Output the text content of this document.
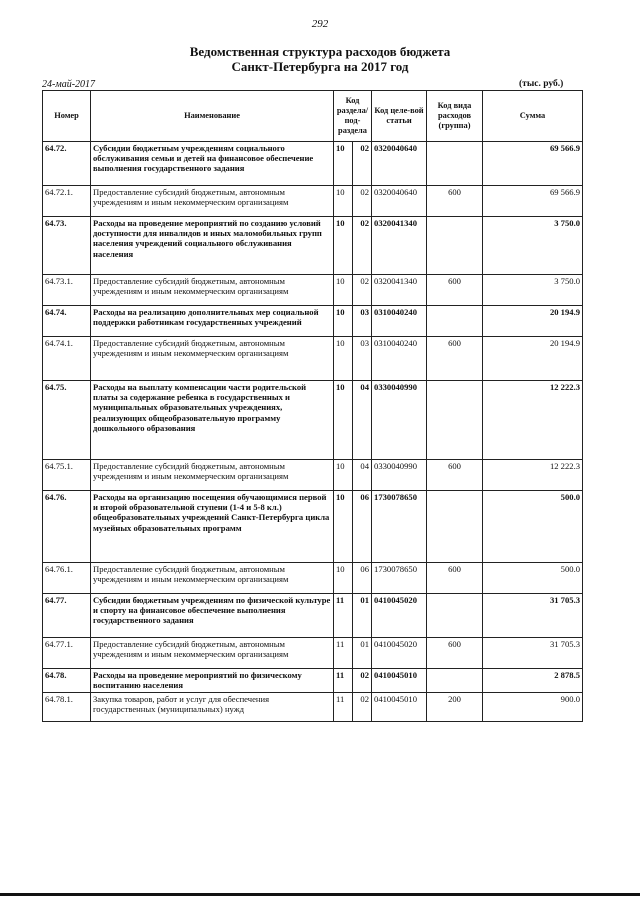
292
Ведомственная структура расходов бюджета
Санкт-Петербурга на 2017 год
24-май-2017	(тыс. руб.)
Номер	Наименование	Код раздела/ под-раздела		Код целе-вой статьи	Код вида расходов (группа)	Сумма
64.72.	Субсидии бюджетным учреждениям социального обслуживания семьи и детей на финансовое обеспечение выполнения государственного задания	10	02	0320040640		69 566.9
64.72.1.	Предоставление субсидий бюджетным, автономным учреждениям и иным некоммерческим организациям	10	02	0320040640	600	69 566.9
64.73.	Расходы на проведение мероприятий по созданию условий доступности для инвалидов и иных маломобильных групп населения учреждений социального обслуживания населения	10	02	0320041340		3 750.0
64.73.1.	Предоставление субсидий бюджетным, автономным учреждениям и иным некоммерческим организациям	10	02	0320041340	600	3 750.0
64.74.	Расходы на реализацию дополнительных мер социальной поддержки работникам государственных учреждений	10	03	0310040240		20 194.9
64.74.1.	Предоставление субсидий бюджетным, автономным учреждениям и иным некоммерческим организациям	10	03	0310040240	600	20 194.9
64.75.	Расходы на выплату компенсации части родительской платы за содержание ребенка в государственных и муниципальных образовательных учреждениях, реализующих общеобразовательную программу дошкольного образования	10	04	0330040990		12 222.3
64.75.1.	Предоставление субсидий бюджетным, автономным учреждениям и иным некоммерческим организациям	10	04	0330040990	600	12 222.3
64.76.	Расходы на организацию посещения обучающимися первой и второй образовательной ступени (1-4 и 5-8 кл.) общеобразовательных учреждений Санкт-Петербурга цикла музейных образовательных программ	10	06	1730078650		500.0
64.76.1.	Предоставление субсидий бюджетным, автономным учреждениям и иным некоммерческим организациям	10	06	1730078650	600	500.0
64.77.	Субсидии бюджетным учреждениям по физической культуре и спорту на финансовое обеспечение выполнения государственного задания	11	01	0410045020		31 705.3
64.77.1.	Предоставление субсидий бюджетным, автономным учреждениям и иным некоммерческим организациям	11	01	0410045020	600	31 705.3
64.78.	Расходы на проведение мероприятий по физическому воспитанию населения	11	02	0410045010		2 878.5
64.78.1.	Закупка товаров, работ и услуг для обеспечения государственных (муниципальных) нужд	11	02	0410045010	200	900.0
